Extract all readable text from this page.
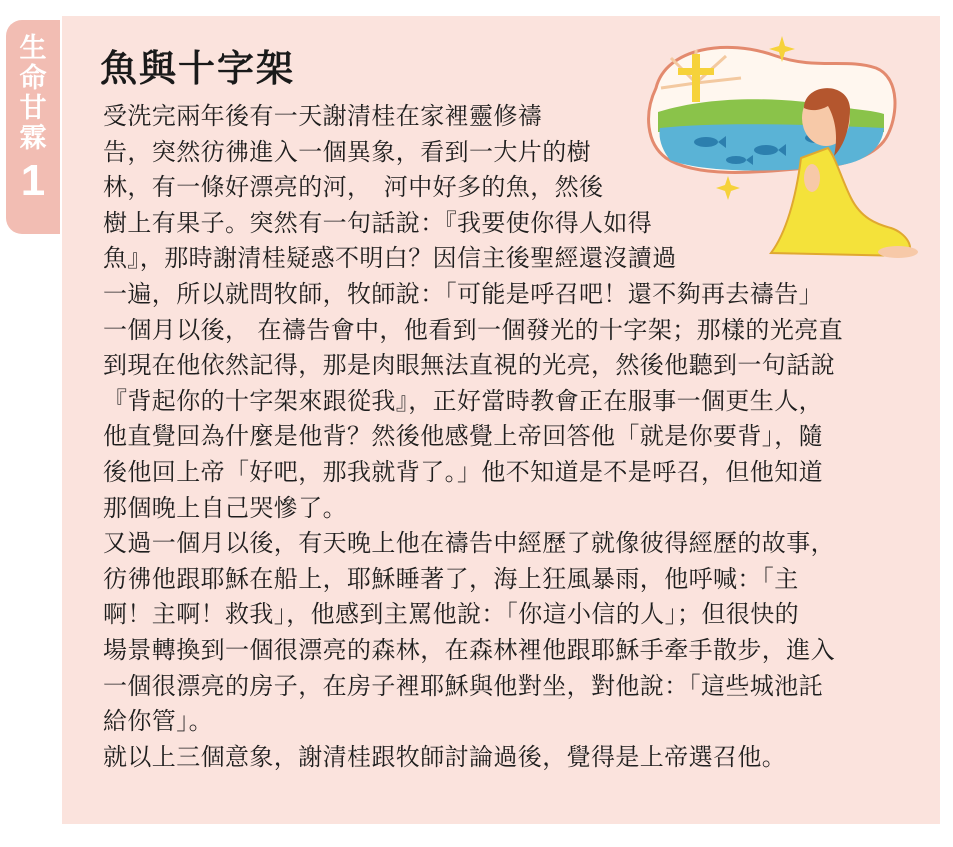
生
命
甘
霖
1
魚與十字架
受洗完兩年後有一天謝清桂在家裡靈修禱
告，突然彷彿進入一個異象，看到一大片的樹
林，有一條好漂亮的河，　河中好多的魚，然後
樹上有果子。突然有一句話說：『我要使你得人如得
魚』，那時謝清桂疑惑不明白？因信主後聖經還沒讀過
一遍，所以就問牧師，牧師說：「可能是呼召吧！還不夠再去禱告」
一個月以後， 在禱告會中，他看到一個發光的十字架；那樣的光亮直
到現在他依然記得，那是肉眼無法直視的光亮，然後他聽到一句話說
『背起你的十字架來跟從我』，正好當時教會正在服事一個更生人，
他直覺回為什麼是他背？然後他感覺上帝回答他「就是你要背」，隨
後他回上帝「好吧，那我就背了。」他不知道是不是呼召，但他知道
那個晚上自己哭慘了。
又過一個月以後，有天晚上他在禱告中經歷了就像彼得經歷的故事，
彷彿他跟耶穌在船上，耶穌睡著了，海上狂風暴雨，他呼喊：「主
啊！主啊！救我」，他感到主罵他說：「你這小信的人」；但很快的
場景轉換到一個很漂亮的森林，在森林裡他跟耶穌手牽手散步，進入
一個很漂亮的房子，在房子裡耶穌與他對坐，對他說：「這些城池託
給你管」。
就以上三個意象，謝清桂跟牧師討論過後，覺得是上帝選召他。
